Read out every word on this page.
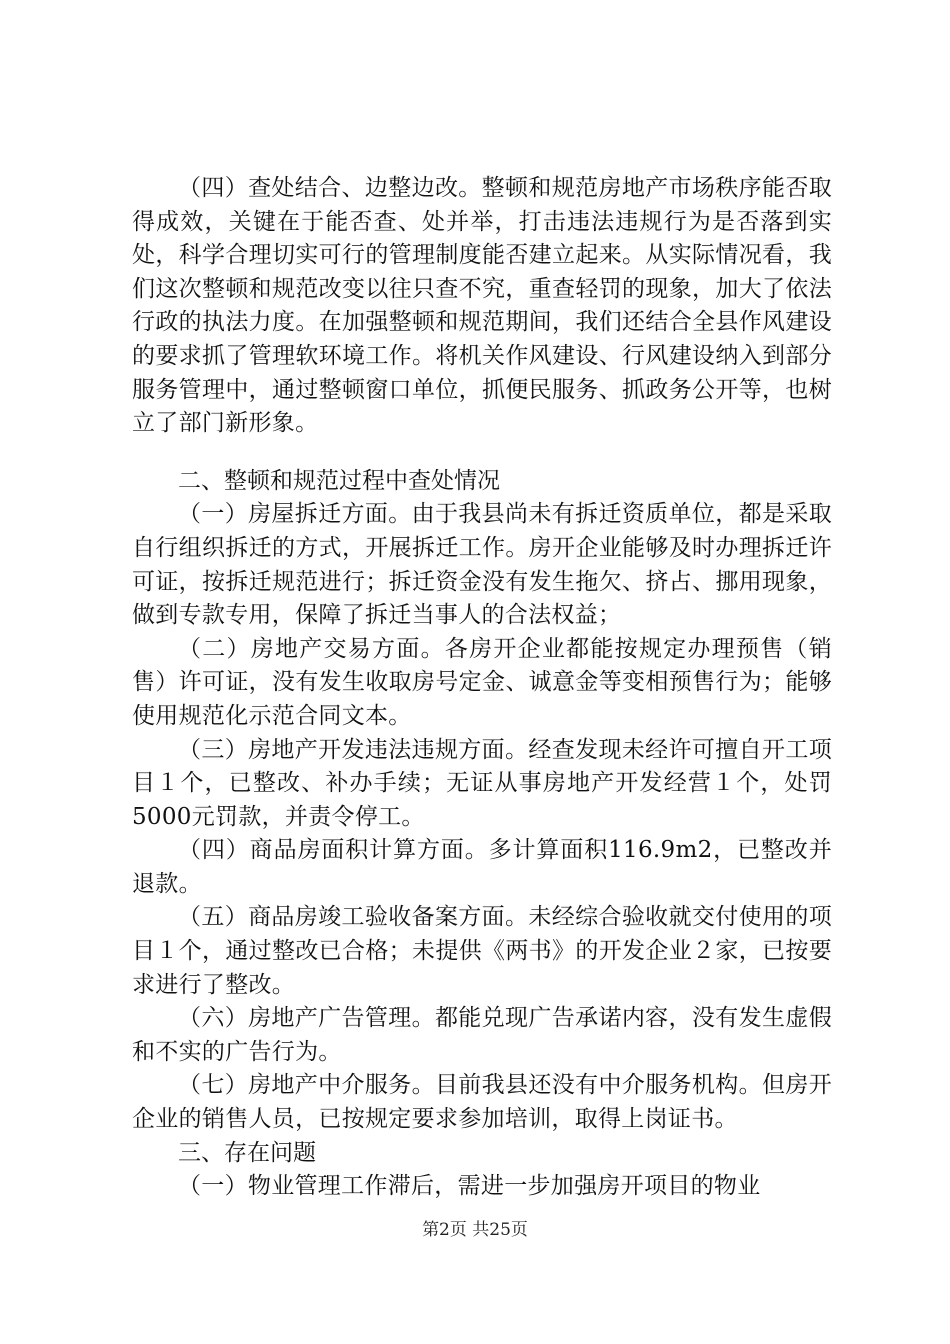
（四）查处结合、边整边改。整顿和规范房地产市场秩序能否取得成效，关键在于能否查、处并举，打击违法违规行为是否落到实处，科学合理切实可行的管理制度能否建立起来。从实际情况看，我们这次整顿和规范改变以往只查不究，重查轻罚的现象，加大了依法行政的执法力度。在加强整顿和规范期间，我们还结合全县作风建设的要求抓了管理软环境工作。将机关作风建设、行风建设纳入到部分服务管理中，通过整顿窗口单位，抓便民服务、抓政务公开等，也树立了部门新形象。

二、整顿和规范过程中查处情况

（一）房屋拆迁方面。由于我县尚未有拆迁资质单位，都是采取自行组织拆迁的方式，开展拆迁工作。房开企业能够及时办理拆迁许可证，按拆迁规范进行；拆迁资金没有发生拖欠、挤占、挪用现象，做到专款专用，保障了拆迁当事人的合法权益；

（二）房地产交易方面。各房开企业都能按规定办理预售（销售）许可证，没有发生收取房号定金、诚意金等变相预售行为；能够使用规范化示范合同文本。

（三）房地产开发违法违规方面。经查发现未经许可擅自开工项目１个，已整改、补办手续；无证从事房地产开发经营１个，处罚5000元罚款，并责令停工。

（四）商品房面积计算方面。多计算面积116.9m2，已整改并退款。

（五）商品房竣工验收备案方面。未经综合验收就交付使用的项目１个，通过整改已合格；未提供《两书》的开发企业２家，已按要求进行了整改。

（六）房地产广告管理。都能兑现广告承诺内容，没有发生虚假和不实的广告行为。

（七）房地产中介服务。目前我县还没有中介服务机构。但房开企业的销售人员，已按规定要求参加培训，取得上岗证书。

三、存在问题

（一）物业管理工作滞后，需进一步加强房开项目的物业

第2页 共25页
